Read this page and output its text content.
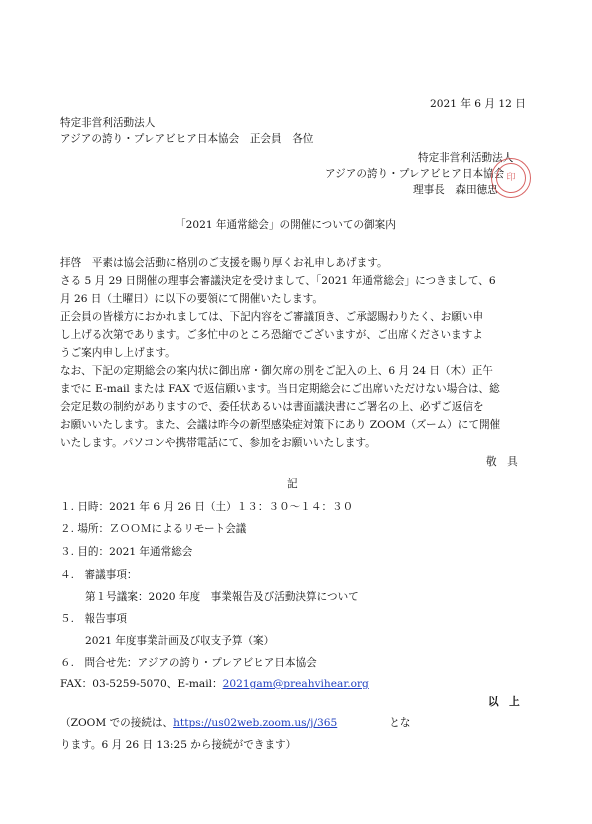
2021 年 6 月 12 日
特定非営利活動法人
アジアの誇り・プレアビヒア日本協会　正会員　各位
特定非営利活動法人
アジアの誇り・プレアビヒア日本協会
理事長　森田徳忠
印
「2021 年通常総会」の開催についての御案内
拝啓　平素は協会活動に格別のご支援を賜り厚くお礼申しあげます。
さる 5 月 29 日開催の理事会審議決定を受けまして、「2021 年通常総会」につきまして、6
月 26 日（土曜日）に以下の要領にて開催いたします。
正会員の皆様方におかれましては、下記内容をご審議頂き、ご承認賜わりたく、お願い申
し上げる次第であります。ご多忙中のところ恐縮でございますが、ご出席くださいますよ
うご案内申し上げます。
なお、下記の定期総会の案内状に御出席・御欠席の別をご記入の上、6 月 24 日（木）正午
までに E-mail または FAX で返信願います。当日定期総会にご出席いただけない場合は、総
会定足数の制約がありますので、委任状あるいは書面議決書にご署名の上、必ずご返信を
お願いいたします。また、会議は昨今の新型感染症対策下にあり ZOOM（ズーム）にて開催
いたします。パソコンや携帯電話にて、参加をお願いいたします。
敬　具
記
１. 日時：2021 年 6 月 26 日（土）１３：３０～１４：３０
２. 場所：ＺＯＯＭによるリモート会議
３. 目的：2021 年通常総会
４.　審議事項：
第１号議案：2020 年度　事業報告及び活動決算について
５.　報告事項
2021 年度事業計画及び収支予算（案）
６.　問合せ先：アジアの誇り・プレアビヒア日本協会
FAX：03-5259-5070、E-mail：2021gam@preahvihear.org
以　上
（ZOOM での接続は、https://us02web.zoom.us/j/365	とな
ります。6 月 26 日 13:25 から接続ができます）
